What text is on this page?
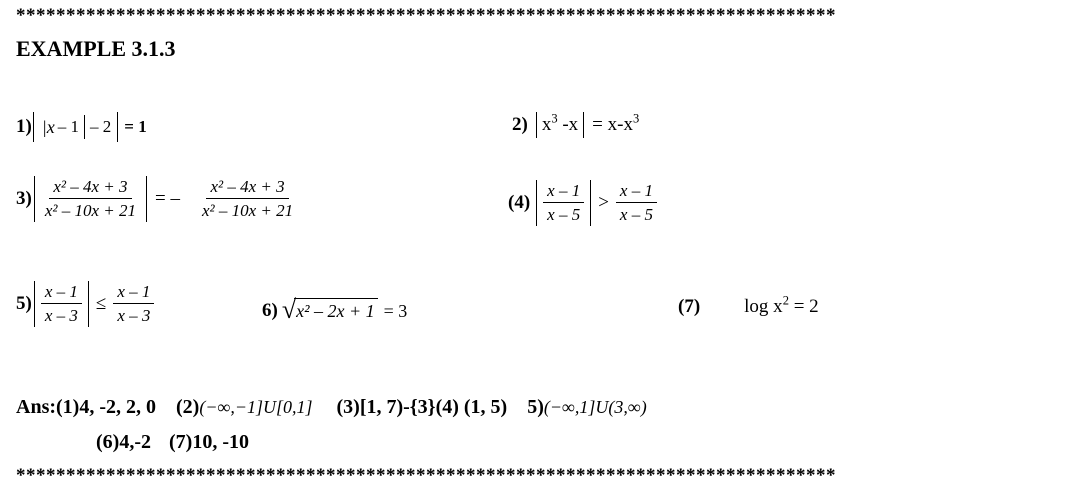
**********************************************************************************
EXAMPLE 3.1.3
1) |x – 1 – 2 = 1	2) $x^3$ $-x = x-x^3$
$3) \frac{\text{x² – 4x + 3}}{\text{x² – 10x + 21}}$ = – $\frac{\text{x² – 4x + 3}}{\text{x² – 10x + 21}}$	$(4) \frac{x - 1}{x - 5} > \frac{x - 1}{x - 5}$
$5) \frac{x - 1}{x - 3} \le \frac{x - 1}{x - 3}$	6) √ x² – 2x + 1 = 3	(7) $\log x^2 = 2$
Ans:(1)4, -2, 2, 0 (2)(−∞,−1]U[0,1] (3)[1, 7)-{3}(4) (1, 5) 5)(−∞,1]U(3,∞)
(6)4,-2 (7)10, -10
**********************************************************************************
